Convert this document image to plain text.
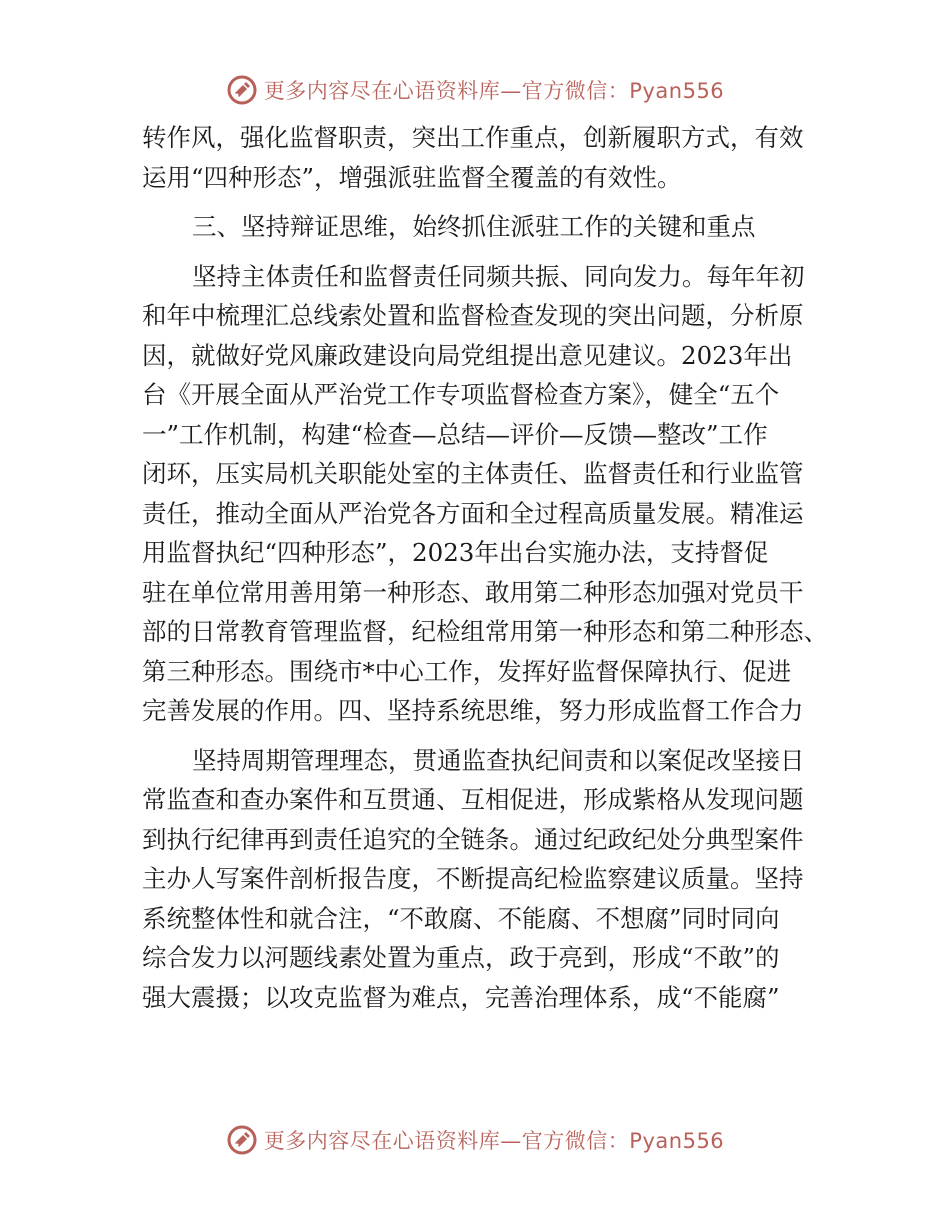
更多内容尽在心语资料库—官方微信：Pyan556
转作风，强化监督职责，突出工作重点，创新履职方式，有效
运用“四种形态”，增强派驻监督全覆盖的有效性。
三、坚持辩证思维，始终抓住派驻工作的关键和重点
坚持主体责任和监督责任同频共振、同向发力。每年年初
和年中梳理汇总线索处置和监督检查发现的突出问题，分析原
因，就做好党风廉政建设向局党组提出意见建议。2023年出
台《开展全面从严治党工作专项监督检查方案》，健全“五个
一”工作机制，构建“检查—总结—评价—反馈—整改”工作
闭环，压实局机关职能处室的主体责任、监督责任和行业监管
责任，推动全面从严治党各方面和全过程高质量发展。精准运
用监督执纪“四种形态”，2023年出台实施办法，支持督促
驻在单位常用善用第一种形态、敢用第二种形态加强对党员干
部的日常教育管理监督，纪检组常用第一种形态和第二种形态、
第三种形态。围绕市*中心工作，发挥好监督保障执行、促进
完善发展的作用。四、坚持系统思维，努力形成监督工作合力
坚持周期管理理态，贯通监查执纪间责和以案促改坚接日
常监查和查办案件和互贯通、互相促进，形成紫格从发现问题
到执行纪律再到责任追究的全链条。通过纪政纪处分典型案件
主办人写案件剖析报告度，不断提高纪检监察建议质量。坚持
系统整体性和就合注，“不敢腐、不能腐、不想腐”同时同向
综合发力以河题线素处置为重点，政于亮到，形成“不敢”的
强大震摄；以攻克监督为难点，完善治理体系，成“不能腐”
更多内容尽在心语资料库—官方微信：Pyan556
